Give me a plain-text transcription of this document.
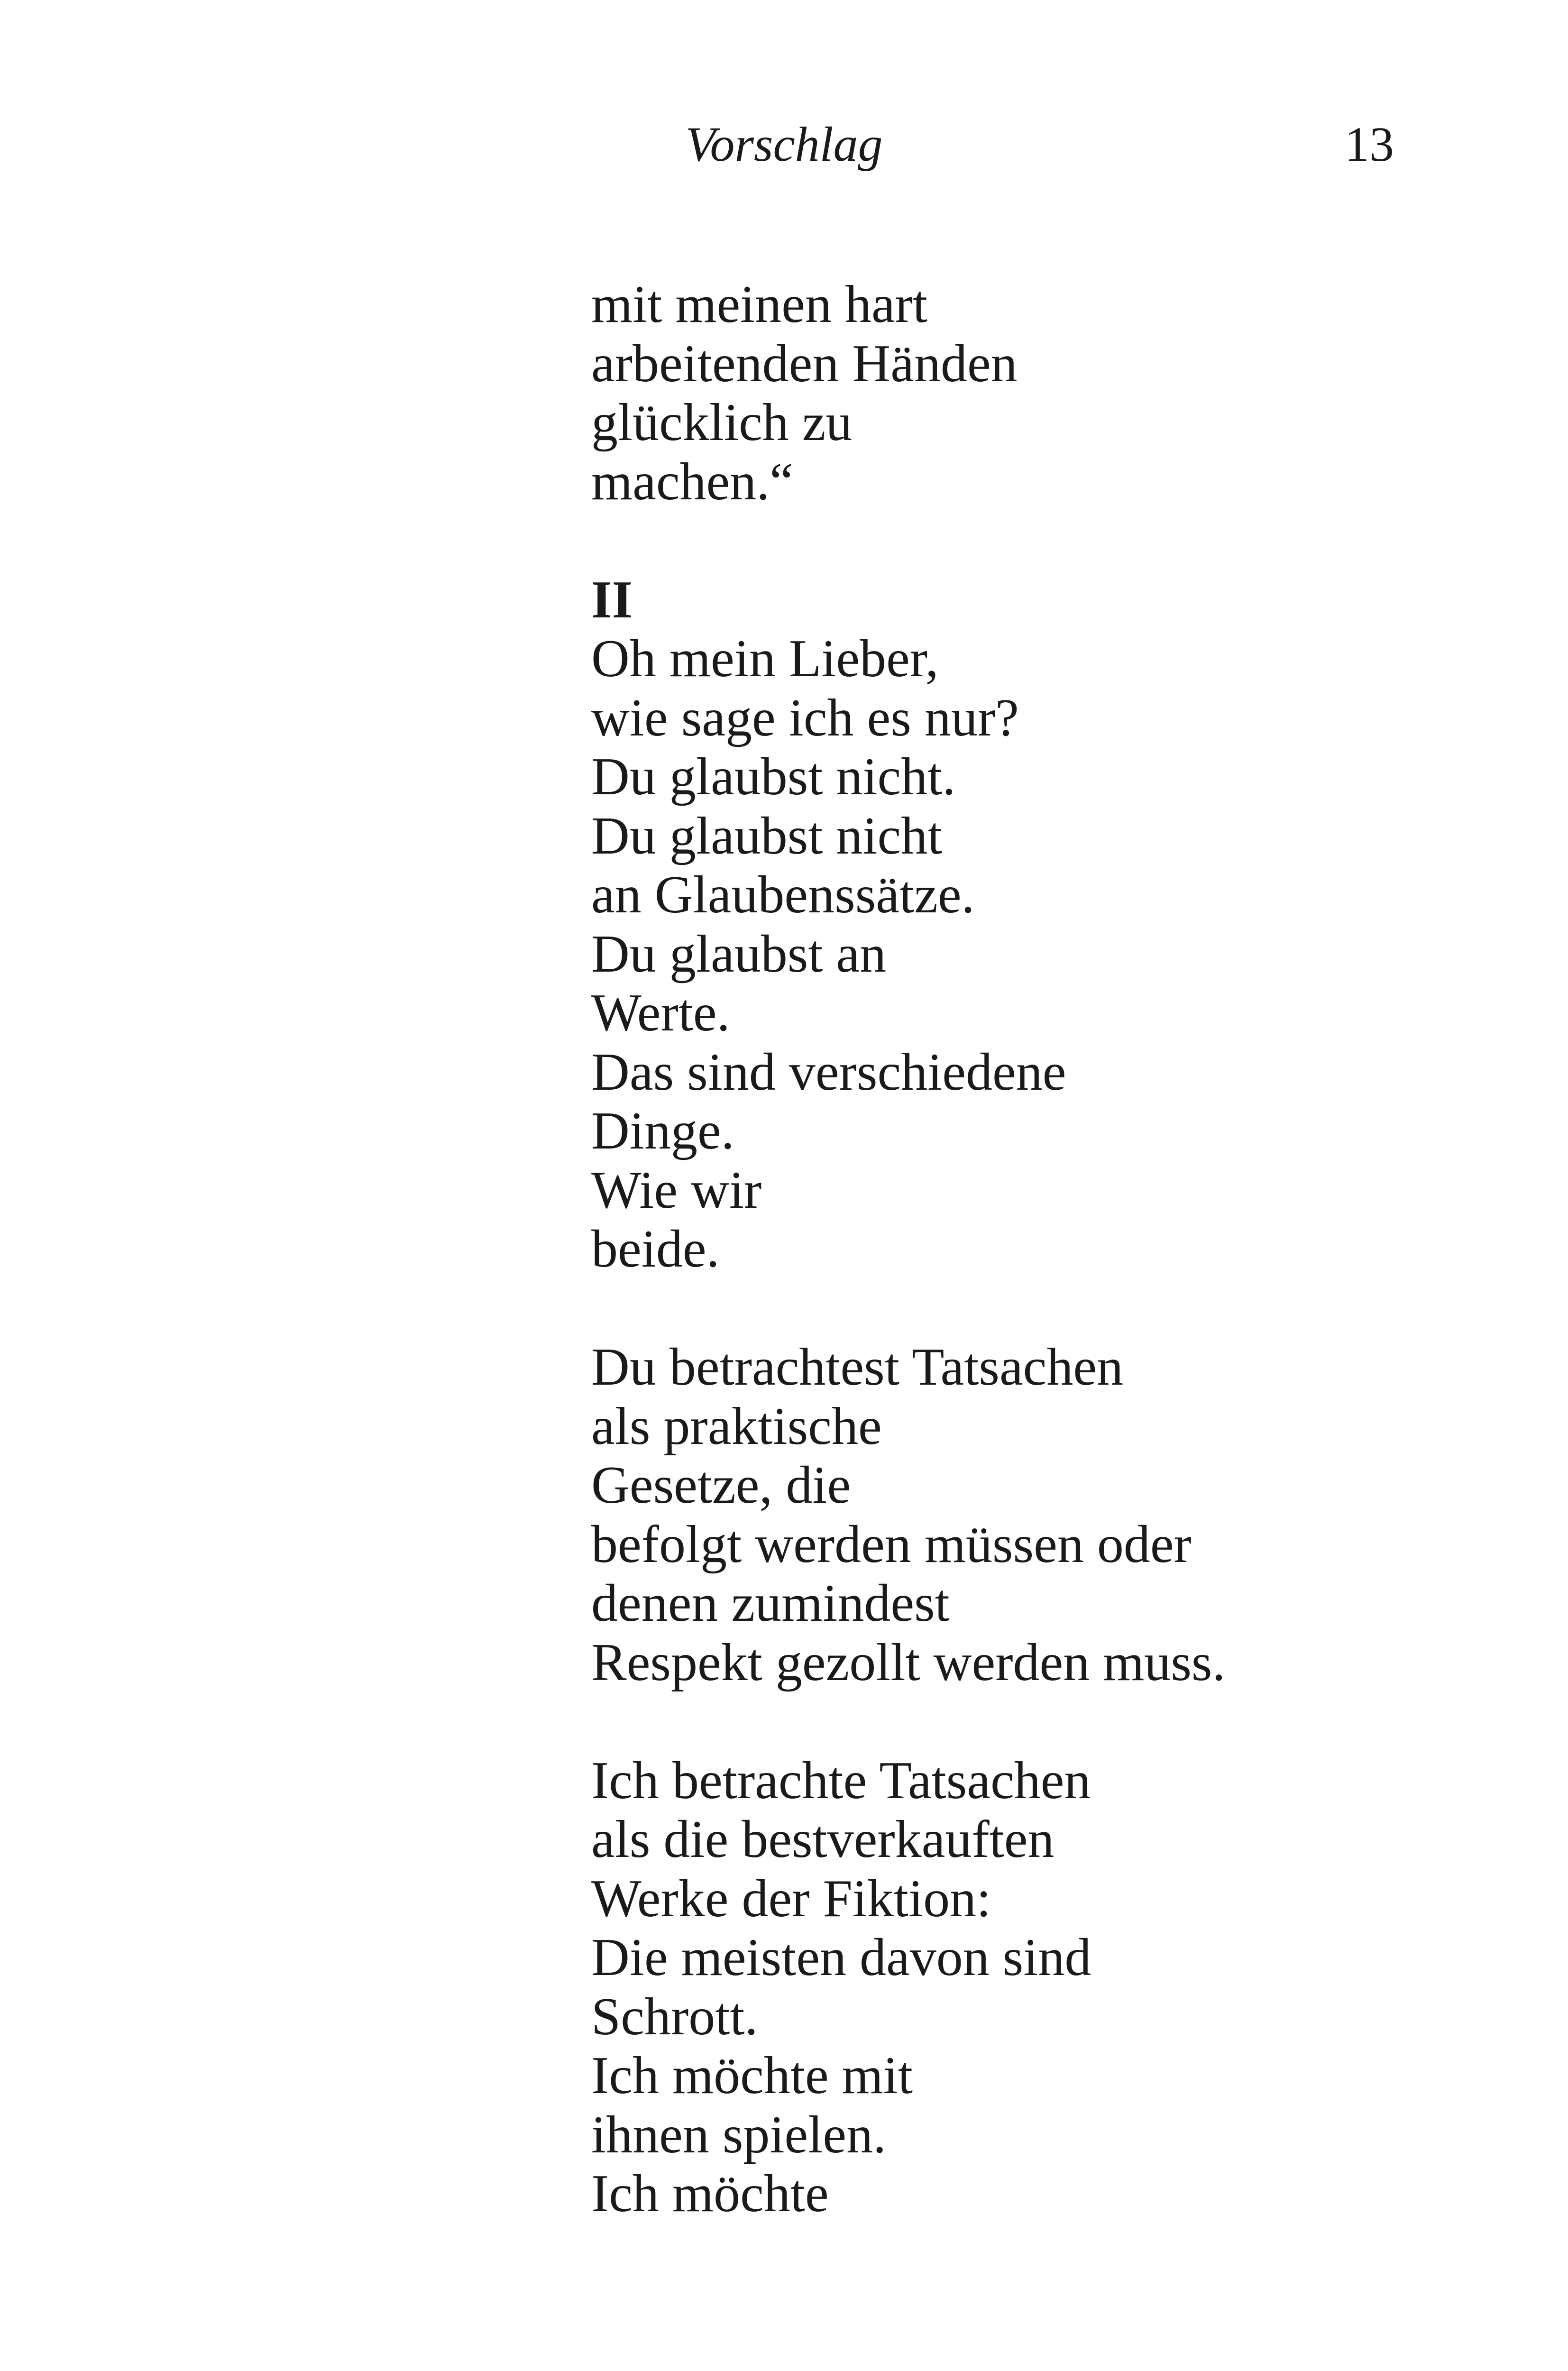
Vorschlag	13
mit meinen hart
arbeitenden Händen
glücklich zu
machen.“
II
Oh mein Lieber,
wie sage ich es nur?
Du glaubst nicht.
Du glaubst nicht
an Glaubenssätze.
Du glaubst an
Werte.
Das sind verschiedene
Dinge.
Wie wir
beide.
Du betrachtest Tatsachen
als praktische
Gesetze, die
befolgt werden müssen oder
denen zumindest
Respekt gezollt werden muss.
Ich betrachte Tatsachen
als die bestverkauften
Werke der Fiktion:
Die meisten davon sind
Schrott.
Ich möchte mit
ihnen spielen.
Ich möchte
